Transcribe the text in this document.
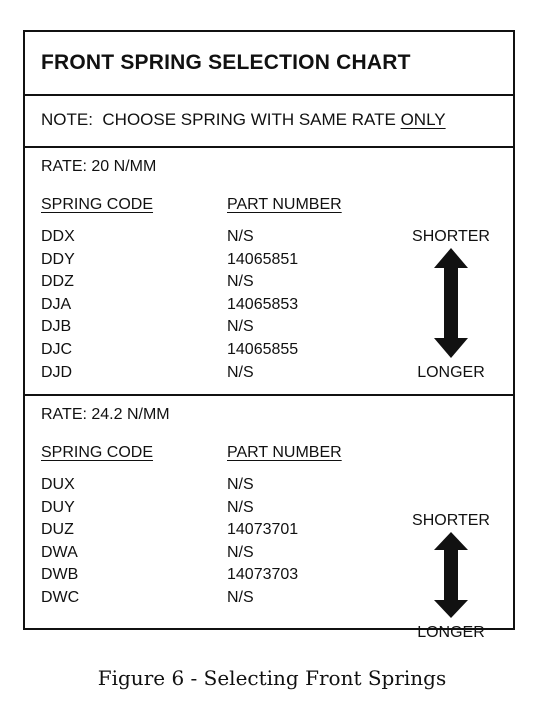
FRONT SPRING SELECTION CHART
NOTE:  CHOOSE SPRING WITH SAME RATE ONLY
RATE: 20 N/MM
SPRING CODE	PART NUMBER
DDX	N/S
DDY	14065851
DDZ	N/S
DJA	14065853
DJB	N/S
DJC	14065855
DJD	N/S
SHORTER
LONGER
RATE: 24.2 N/MM
SPRING CODE	PART NUMBER
DUX	N/S
DUY	N/S
DUZ	14073701
DWA	N/S
DWB	14073703
DWC	N/S
SHORTER
LONGER
Figure 6 - Selecting Front Springs
